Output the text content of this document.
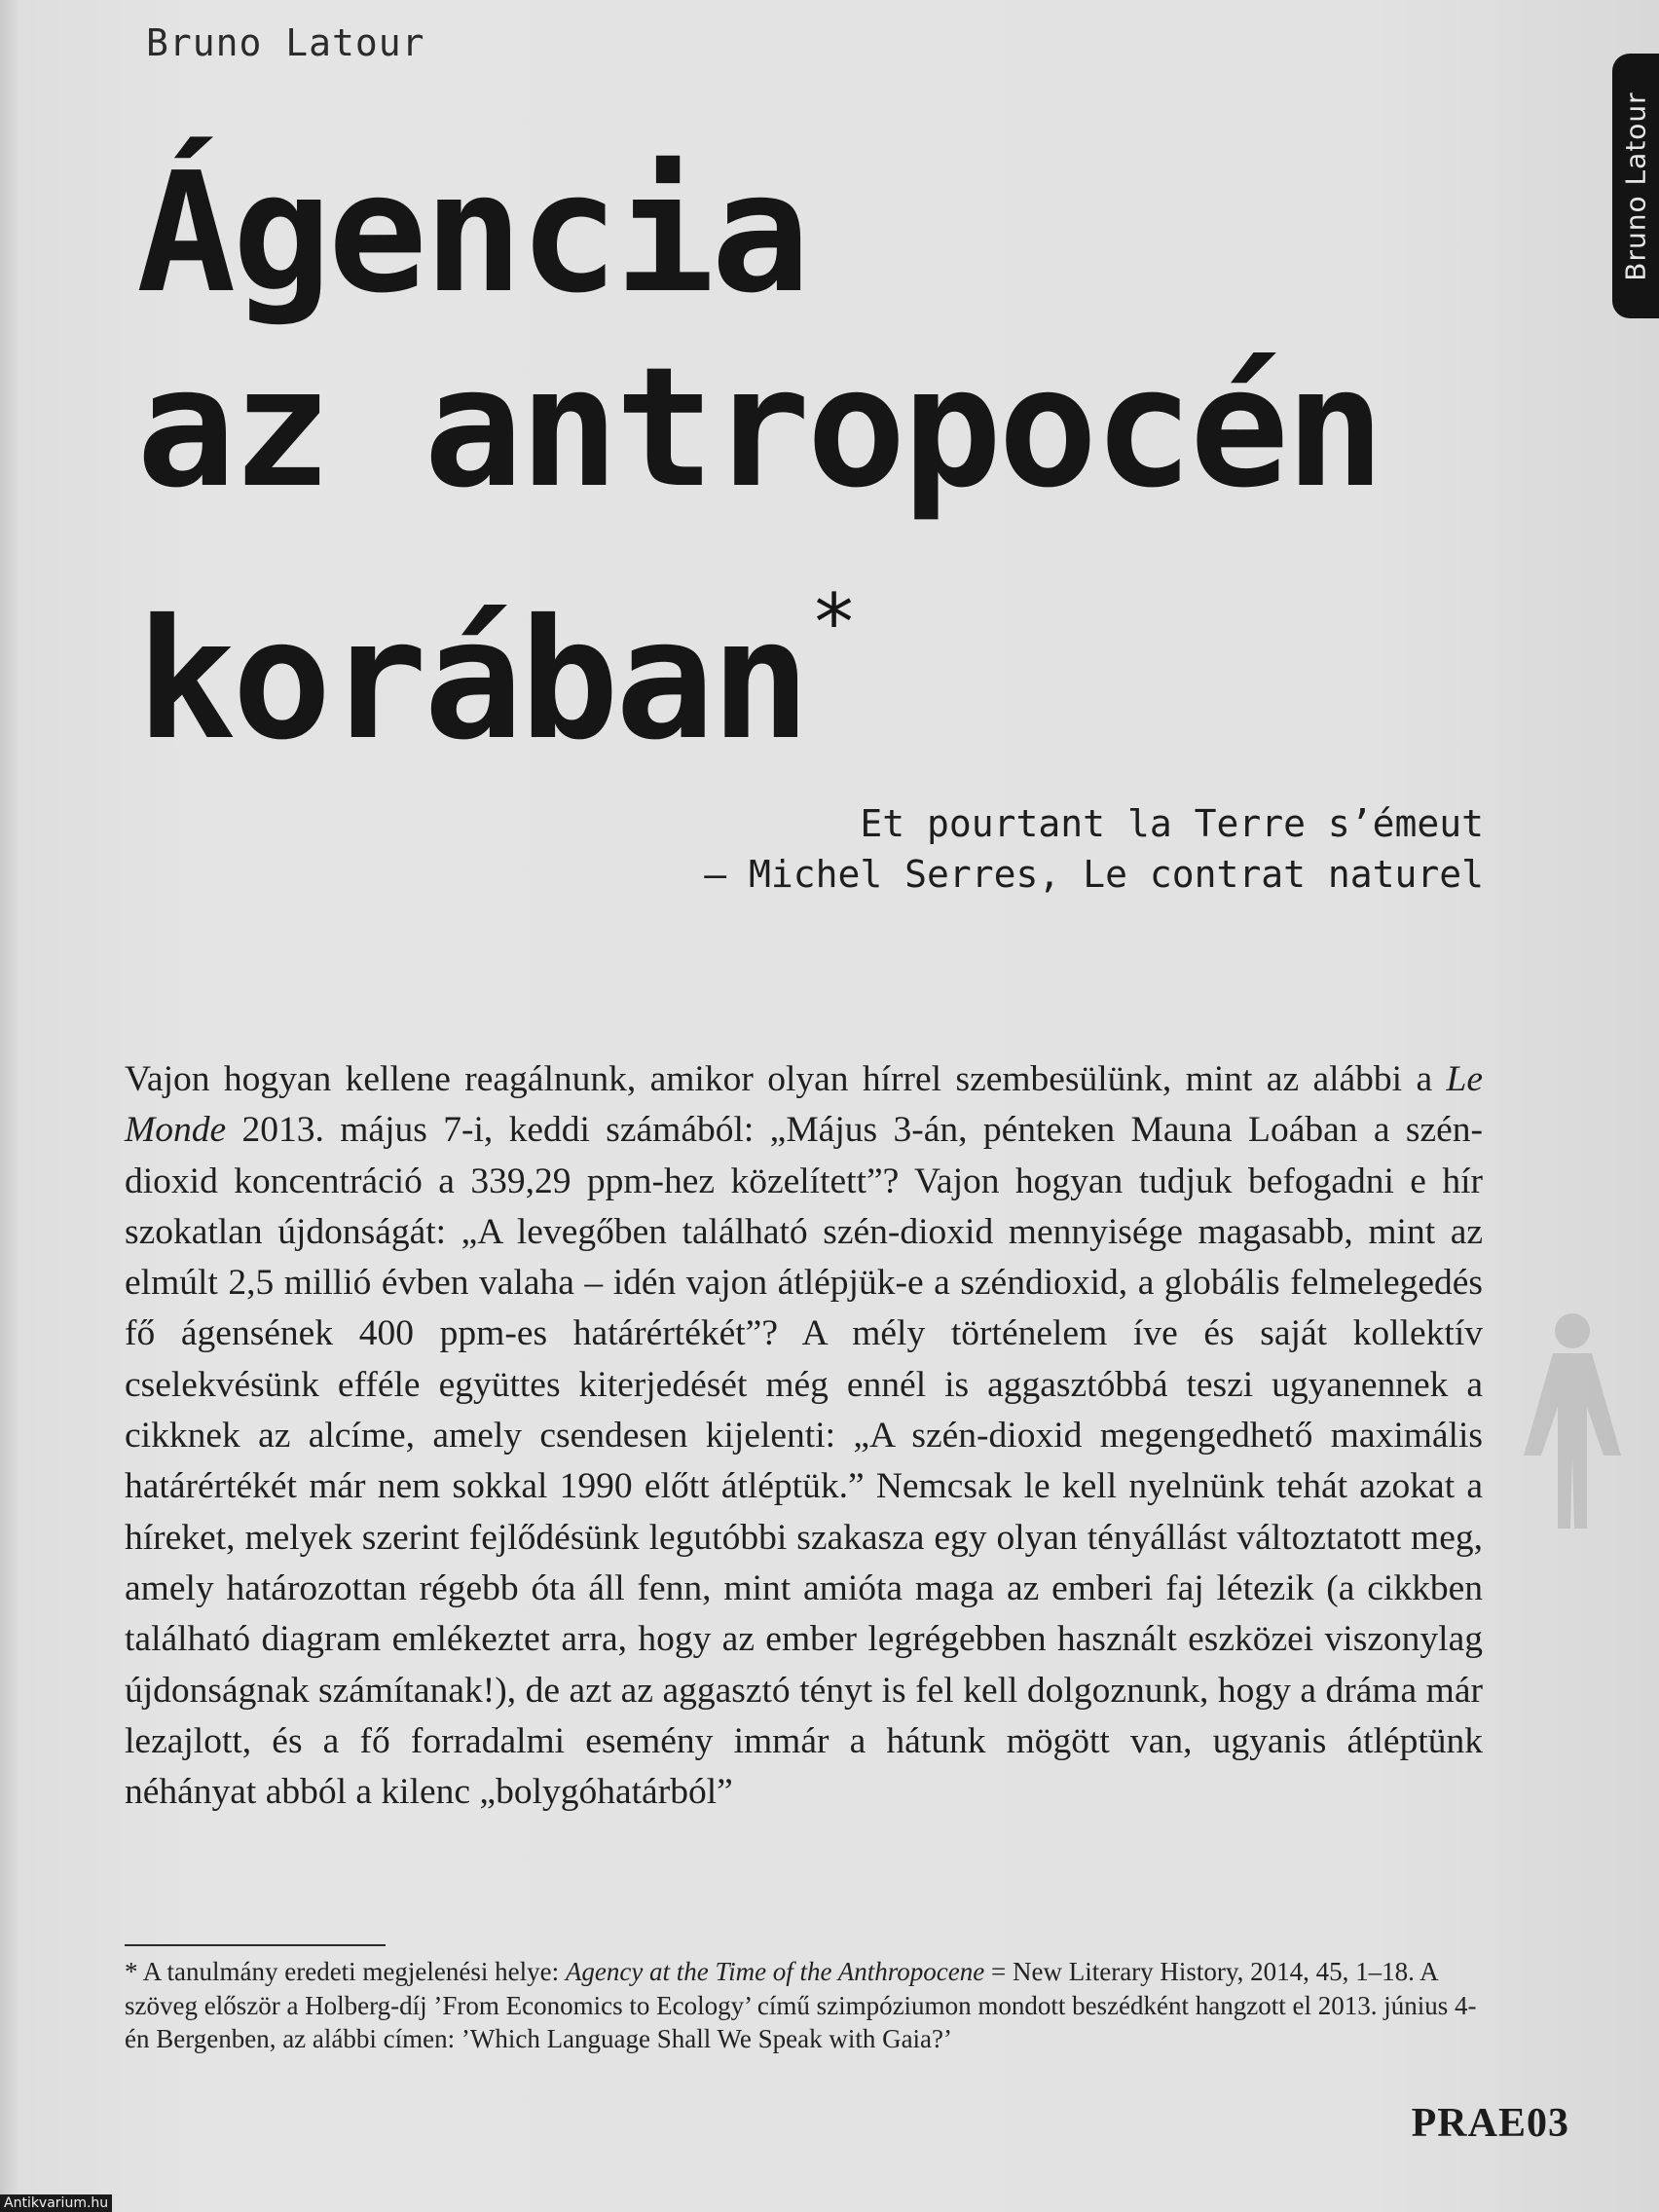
Bruno Latour
Bruno Latour
Ágencia
az antropocén
korában*
Et pourtant la Terre s’émeut
– Michel Serres, Le contrat naturel

Vajon hogyan kellene reagálnunk, amikor olyan hírrel szembesülünk, mint az alábbi a Le Monde 2013. május 7-i, keddi számából: „Május 3-án, pénteken Mauna Loában a szén-dioxid koncentráció a 339,29 ppm-hez közelített”? Vajon hogyan tudjuk befogadni e hír szokatlan újdonságát: „A levegőben található szén-dioxid mennyisége magasabb, mint az elmúlt 2,5 millió évben valaha – idén vajon átlépjük-e a széndioxid, a globális felmelegedés fő ágensének 400 ppm-es határértékét”? A mély történelem íve és saját kollektív cselekvésünk efféle együttes kiterjedését még ennél is aggasztóbbá teszi ugyanennek a cikknek az alcíme, amely csendesen kijelenti: „A szén-dioxid megengedhető maximális határértékét már nem sokkal 1990 előtt átléptük.” Nemcsak le kell nyelnünk tehát azokat a híreket, melyek szerint fejlődésünk legutóbbi szakasza egy olyan tényállást változtatott meg, amely határozottan régebb óta áll fenn, mint amióta maga az emberi faj létezik (a cikkben található diagram emlékeztet arra, hogy az ember legrégebben használt eszközei viszonylag újdonságnak számítanak!), de azt az aggasztó tényt is fel kell dolgoznunk, hogy a dráma már lezajlott, és a fő forradalmi esemény immár a hátunk mögött van, ugyanis átléptünk néhányat abból a kilenc „bolygóhatárból”

* A tanulmány eredeti megjelenési helye: Agency at the Time of the Anthropocene = New Literary History, 2014, 45, 1–18. A szöveg először a Holberg-díj ’From Economics to Ecology’ című szimpóziumon mondott beszédként hangzott el 2013. június 4-én Bergenben, az alábbi címen: ’Which Language Shall We Speak with Gaia?’

PRAE03
Antikvarium.hu
